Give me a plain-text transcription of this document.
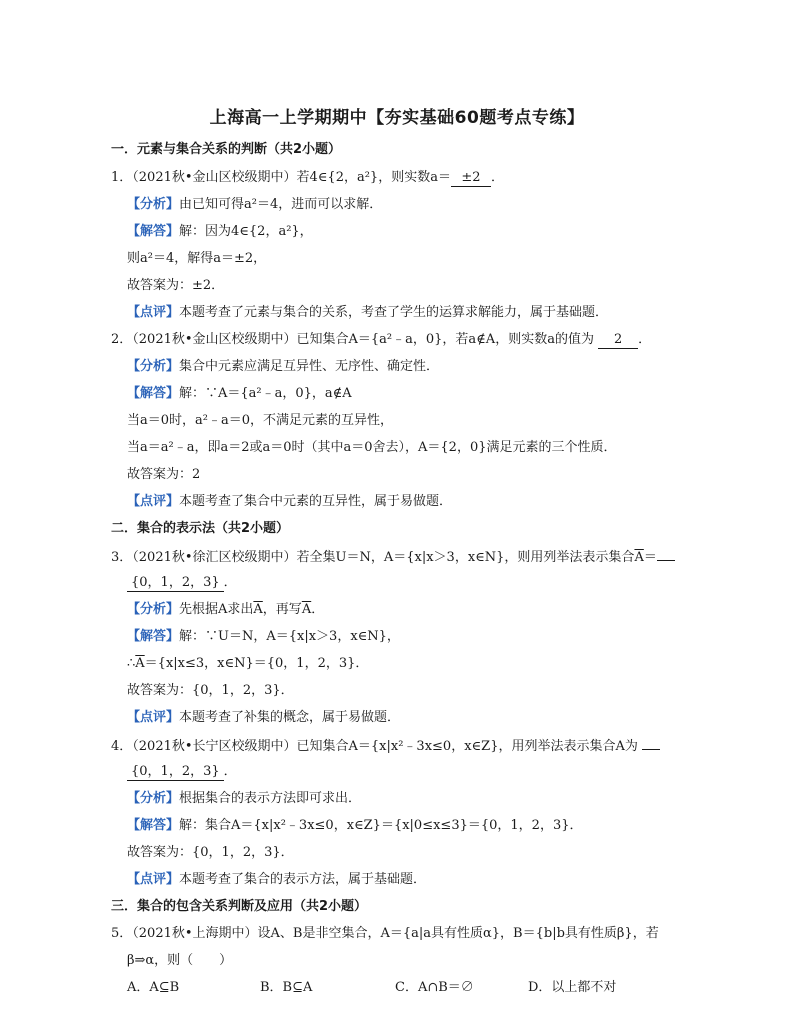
上海高一上学期期中【夯实基础60题考点专练】
一．元素与集合关系的判断（共2小题）
1．（2021秋•金山区校级期中）若4∈{2，a²}，则实数a＝ ±2 ．
【分析】由已知可得a²＝4，进而可以求解．
【解答】解：因为4∈{2，a²}，
则a²＝4，解得a＝±2，
故答案为：±2．
【点评】本题考查了元素与集合的关系，考查了学生的运算求解能力，属于基础题．
2．（2021秋•金山区校级期中）已知集合A＝{a²﹣a，0}，若a∉A，则实数a的值为 2 ．
【分析】集合中元素应满足互异性、无序性、确定性．
【解答】解：∵A＝{a²﹣a，0}，a∉A
当a＝0时，a²﹣a＝0，不满足元素的互异性，
当a＝a²﹣a，即a＝2或a＝0时（其中a＝0舍去），A＝{2，0}满足元素的三个性质．
故答案为：2
【点评】本题考查了集合中元素的互异性，属于易做题．
二．集合的表示法（共2小题）
3．（2021秋•徐汇区校级期中）若全集U＝N，A＝{x|x＞3，x∈N}，则用列举法表示集合$\overline{A}=$
{0，1，2，3} ．
【分析】先根据A求出$\overline{A}$，再写$\overline{A}$．
【解答】解：∵U＝N，A＝{x|x＞3，x∈N}，
$\therefore\overline{A}=\{x|x\le 3$，x∈N}＝{0，1，2，3}．
故答案为：{0，1，2，3}．
【点评】本题考查了补集的概念，属于易做题．
4．（2021秋•长宁区校级期中）已知集合A＝{x|x²﹣3x≤0，x∈Z}，用列举法表示集合A为
{0，1，2，3} ．
【分析】根据集合的表示方法即可求出．
【解答】解：集合A＝{x|x²﹣3x≤0，x∈Z}＝{x|0≤x≤3}＝{0，1，2，3}．
故答案为：{0，1，2，3}．
【点评】本题考查了集合的表示方法，属于基础题．
三．集合的包含关系判断及应用（共2小题）
5．（2021秋•上海期中）设A、B是非空集合，A＝{a|a具有性质α}，B＝{b|b具有性质β}，若
β⇒α，则（　　）
A．A⊆B	B．B⊆A	C．A∩B＝∅	D．以上都不对
